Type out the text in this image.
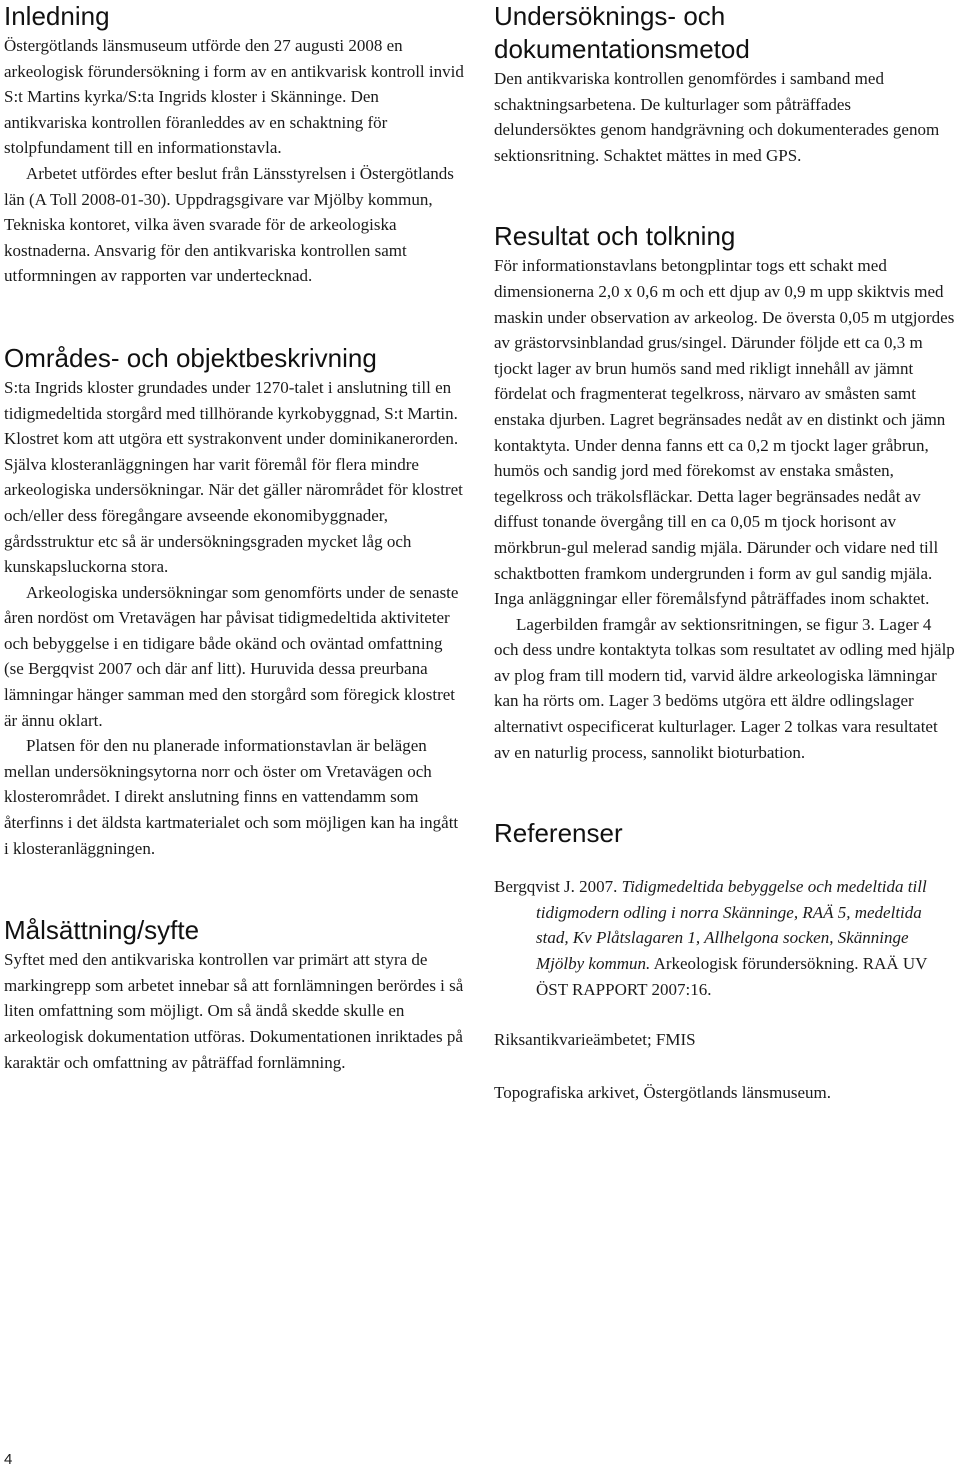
Inledning

Östergötlands länsmuseum utförde den 27 augusti 2008 en arkeologisk förundersökning i form av en antikvarisk kontroll invid S:t Martins kyrka/S:ta Ingrids kloster i Skänninge. Den antikvariska kontrollen föranleddes av en schaktning för stolpfundament till en informationstavla.

Arbetet utfördes efter beslut från Länsstyrelsen i Östergötlands län (A Toll 2008-01-30). Uppdragsgivare var Mjölby kommun, Tekniska kontoret, vilka även svarade för de arkeologiska kostnaderna. Ansvarig för den antikvariska kontrollen samt utformningen av rapporten var undertecknad.

Områdes- och objektbeskrivning

S:ta Ingrids kloster grundades under 1270-talet i anslutning till en tidigmedeltida storgård med tillhörande kyrkobyggnad, S:t Martin. Klostret kom att utgöra ett systrakonvent under dominikanerorden. Själva klosteranläggningen har varit föremål för flera mindre arkeologiska undersökningar. När det gäller närområdet för klostret och/eller dess föregångare avseende ekonomibyggnader, gårdsstruktur etc så är undersökningsgraden mycket låg och kunskapsluckorna stora.

Arkeologiska undersökningar som genomförts under de senaste åren nordöst om Vretavägen har påvisat tidigmedeltida aktiviteter och bebyggelse i en tidigare både okänd och oväntad omfattning (se Bergqvist 2007 och där anf litt). Huruvida dessa preurbana lämningar hänger samman med den storgård som föregick klostret är ännu oklart.

Platsen för den nu planerade informationstavlan är belägen mellan undersökningsytorna norr och öster om Vretavägen och klosterområdet. I direkt anslutning finns en vattendamm som återfinns i det äldsta kartmaterialet och som möjligen kan ha ingått i klosteranläggningen.

Målsättning/syfte

Syftet med den antikvariska kontrollen var primärt att styra de markingrepp som arbetet innebar så att fornlämningen berördes i så liten omfattning som möjligt. Om så ändå skedde skulle en arkeologisk dokumentation utföras. Dokumentationen inriktades på karaktär och omfattning av påträffad fornlämning.

Undersöknings- och dokumentationsmetod

Den antikvariska kontrollen genomfördes i samband med schaktningsarbetena. De kulturlager som påträffades delundersöktes genom handgrävning och dokumenterades genom sektionsritning. Schaktet mättes in med GPS.

Resultat och tolkning

För informationstavlans betongplintar togs ett schakt med dimensionerna 2,0 x 0,6 m och ett djup av 0,9 m upp skiktvis med maskin under observation av arkeolog. De översta 0,05 m utgjordes av grästorvsinblandad grus/singel. Därunder följde ett ca 0,3 m tjockt lager av brun humös sand med rikligt innehåll av jämnt fördelat och fragmenterat tegelkross, närvaro av småsten samt enstaka djurben. Lagret begränsades nedåt av en distinkt och jämn kontaktyta. Under denna fanns ett ca 0,2 m tjockt lager gråbrun, humös och sandig jord med förekomst av enstaka småsten, tegelkross och träkolsfläckar. Detta lager begränsades nedåt av diffust tonande övergång till en ca 0,05 m tjock horisont av mörkbrun-gul melerad sandig mjäla. Därunder och vidare ned till schaktbotten framkom undergrunden i form av gul sandig mjäla. Inga anläggningar eller föremålsfynd påträffades inom schaktet.

Lagerbilden framgår av sektionsritningen, se figur 3. Lager 4 och dess undre kontaktyta tolkas som resultatet av odling med hjälp av plog fram till modern tid, varvid äldre arkeologiska lämningar kan ha rörts om. Lager 3 bedöms utgöra ett äldre odlingslager alternativt ospecificerat kulturlager. Lager 2 tolkas vara resultatet av en naturlig process, sannolikt bioturbation.

Referenser

Bergqvist J. 2007. Tidigmedeltida bebyggelse och medeltida till tidigmodern odling i norra Skänninge, RAÄ 5, medeltida stad, Kv Plåtslagaren 1, Allhelgona socken, Skänninge Mjölby kommun. Arkeologisk förundersökning. RAÄ UV ÖST RAPPORT 2007:16.

Riksantikvarieämbetet; FMIS

Topografiska arkivet, Östergötlands länsmuseum.

4
